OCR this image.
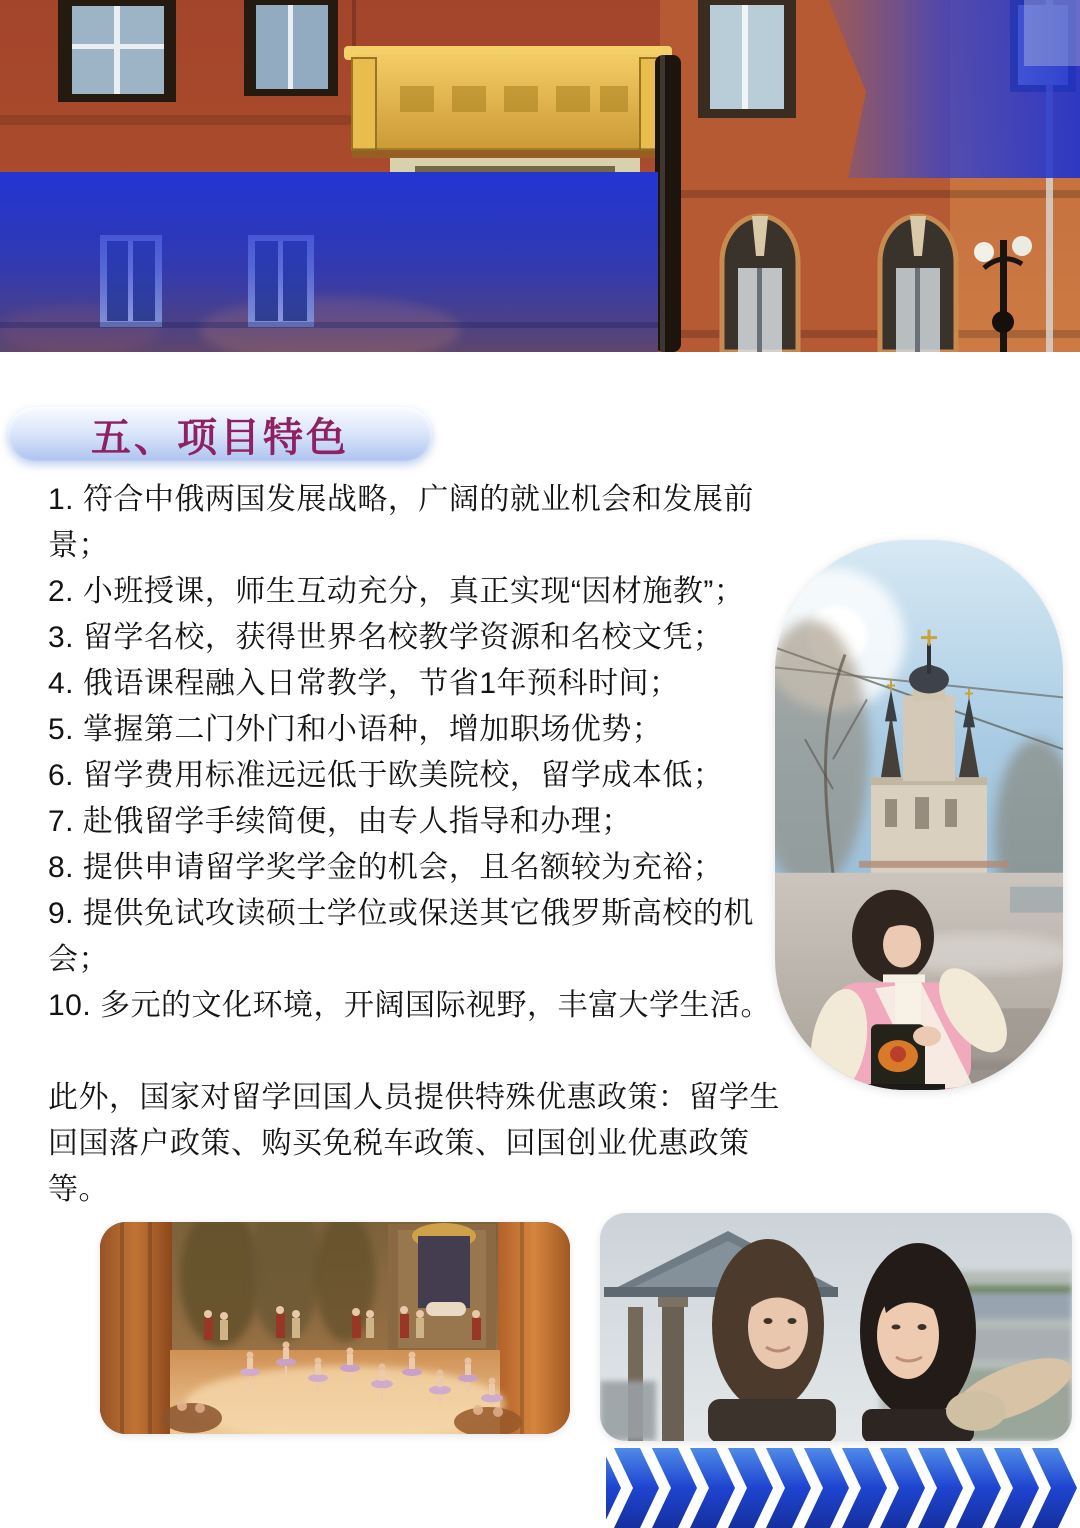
五、项目特色

1. 符合中俄两国发展战略，广阔的就业机会和发展前景；

2. 小班授课，师生互动充分，真正实现“因材施教”；

3. 留学名校，获得世界名校教学资源和名校文凭；

4. 俄语课程融入日常教学，节省1年预科时间；

5. 掌握第二门外门和小语种，增加职场优势；

6. 留学费用标准远远低于欧美院校，留学成本低；

7. 赴俄留学手续简便，由专人指导和办理；

8. 提供申请留学奖学金的机会，且名额较为充裕；

9. 提供免试攻读硕士学位或保送其它俄罗斯高校的机会；

10. 多元的文化环境，开阔国际视野，丰富大学生活。

此外，国家对留学回国人员提供特殊优惠政策：留学生回国落户政策、购买免税车政策、回国创业优惠政策等。
